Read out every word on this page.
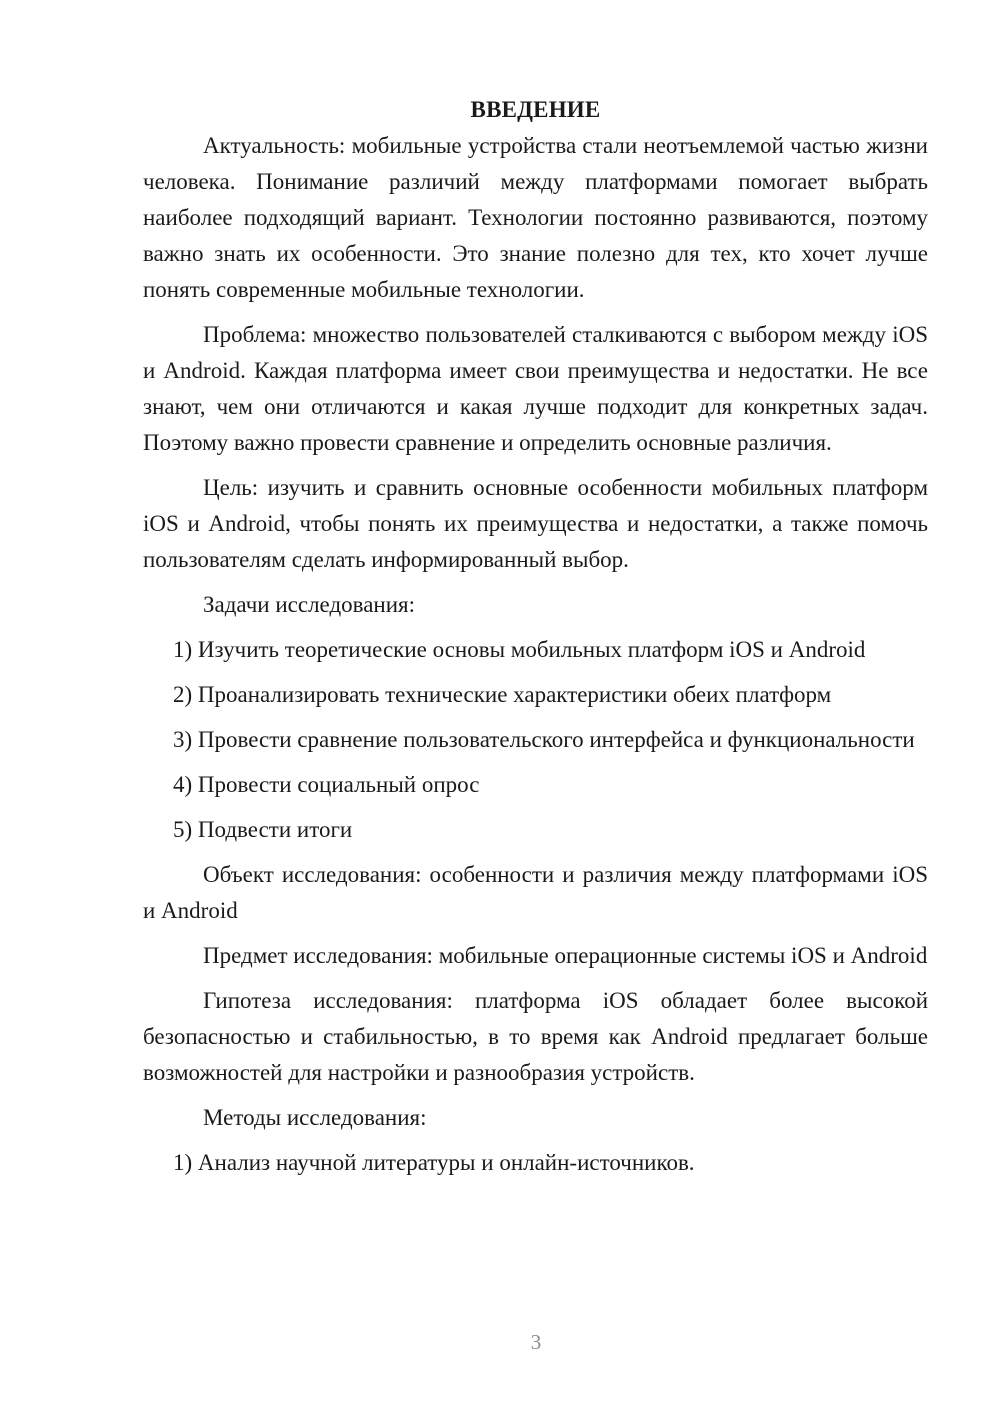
ВВЕДЕНИЕ

Актуальность: мобильные устройства стали неотъемлемой частью жизни человека. Понимание различий между платформами помогает выбрать наиболее подходящий вариант. Технологии постоянно развиваются, поэтому важно знать их особенности. Это знание полезно для тех, кто хочет лучше понять современные мобильные технологии.

Проблема: множество пользователей сталкиваются с выбором между iOS и Android. Каждая платформа имеет свои преимущества и недостатки. Не все знают, чем они отличаются и какая лучше подходит для конкретных задач. Поэтому важно провести сравнение и определить основные различия.

Цель: изучить и сравнить основные особенности мобильных платформ iOS и Android, чтобы понять их преимущества и недостатки, а также помочь пользователям сделать информированный выбор.

Задачи исследования:

1) Изучить теоретические основы мобильных платформ iOS и Android

2) Проанализировать технические характеристики обеих платформ

3) Провести сравнение пользовательского интерфейса и функциональности

4) Провести социальный опрос

5) Подвести итоги

Объект исследования: особенности и различия между платформами iOS и Android

Предмет исследования: мобильные операционные системы iOS и Android

Гипотеза исследования: платформа iOS обладает более высокой безопасностью и стабильностью, в то время как Android предлагает больше возможностей для настройки и разнообразия устройств.

Методы исследования:

1) Анализ научной литературы и онлайн-источников.

3
